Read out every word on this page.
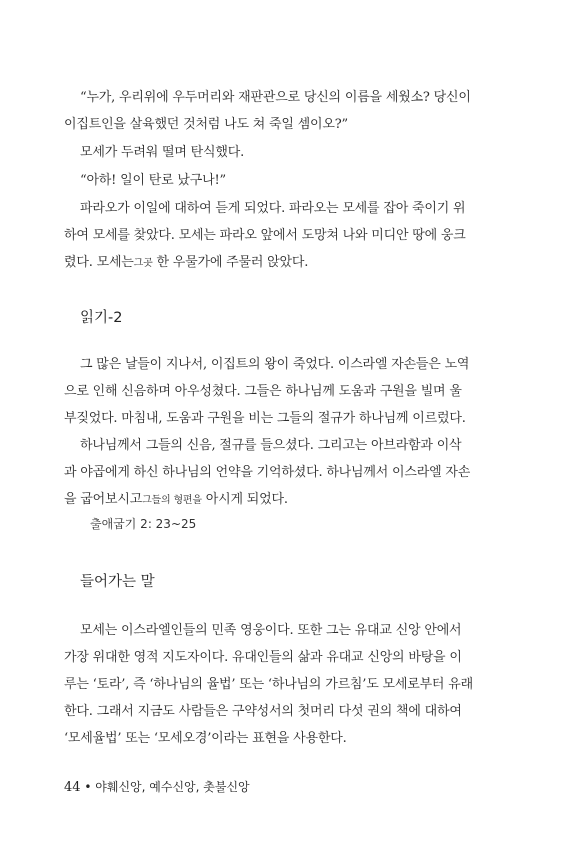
“누가, 우리위에 우두머리와 재판관으로 당신의 이름을 세웠소? 당신이
이집트인을 살육했던 것처럼 나도 쳐 죽일 셈이오?”
모세가 두려워 떨며 탄식했다.
“아하! 일이 탄로 났구나!”
파라오가 이일에 대하여 듣게 되었다. 파라오는 모세를 잡아 죽이기 위
하여 모세를 찾았다. 모세는 파라오 앞에서 도망쳐 나와 미디안 땅에 웅크
렸다. 모세는그곳 한 우물가에 주물러 앉았다.
읽기-2
그 많은 날들이 지나서, 이집트의 왕이 죽었다. 이스라엘 자손들은 노역
으로 인해 신음하며 아우성쳤다. 그들은 하나님께 도움과 구원을 빌며 울
부짖었다. 마침내, 도움과 구원을 비는 그들의 절규가 하나님께 이르렀다.
하나님께서 그들의 신음, 절규를 들으셨다. 그리고는 아브라함과 이삭
과 야곱에게 하신 하나님의 언약을 기억하셨다. 하나님께서 이스라엘 자손
을 굽어보시고그들의 형편을 아시게 되었다.
출애굽기 2: 23~25
들어가는 말
모세는 이스라엘인들의 민족 영웅이다. 또한 그는 유대교 신앙 안에서
가장 위대한 영적 지도자이다. 유대인들의 삶과 유대교 신앙의 바탕을 이
루는 ‘토라’, 즉 ‘하나님의 율법’ 또는 ‘하나님의 가르침’도 모세로부터 유래
한다. 그래서 지금도 사람들은 구약성서의 첫머리 다섯 권의 책에 대하여
‘모세율법’ 또는 ‘모세오경’이라는 표현을 사용한다.
44 • 야훼신앙, 예수신앙, 촛불신앙
